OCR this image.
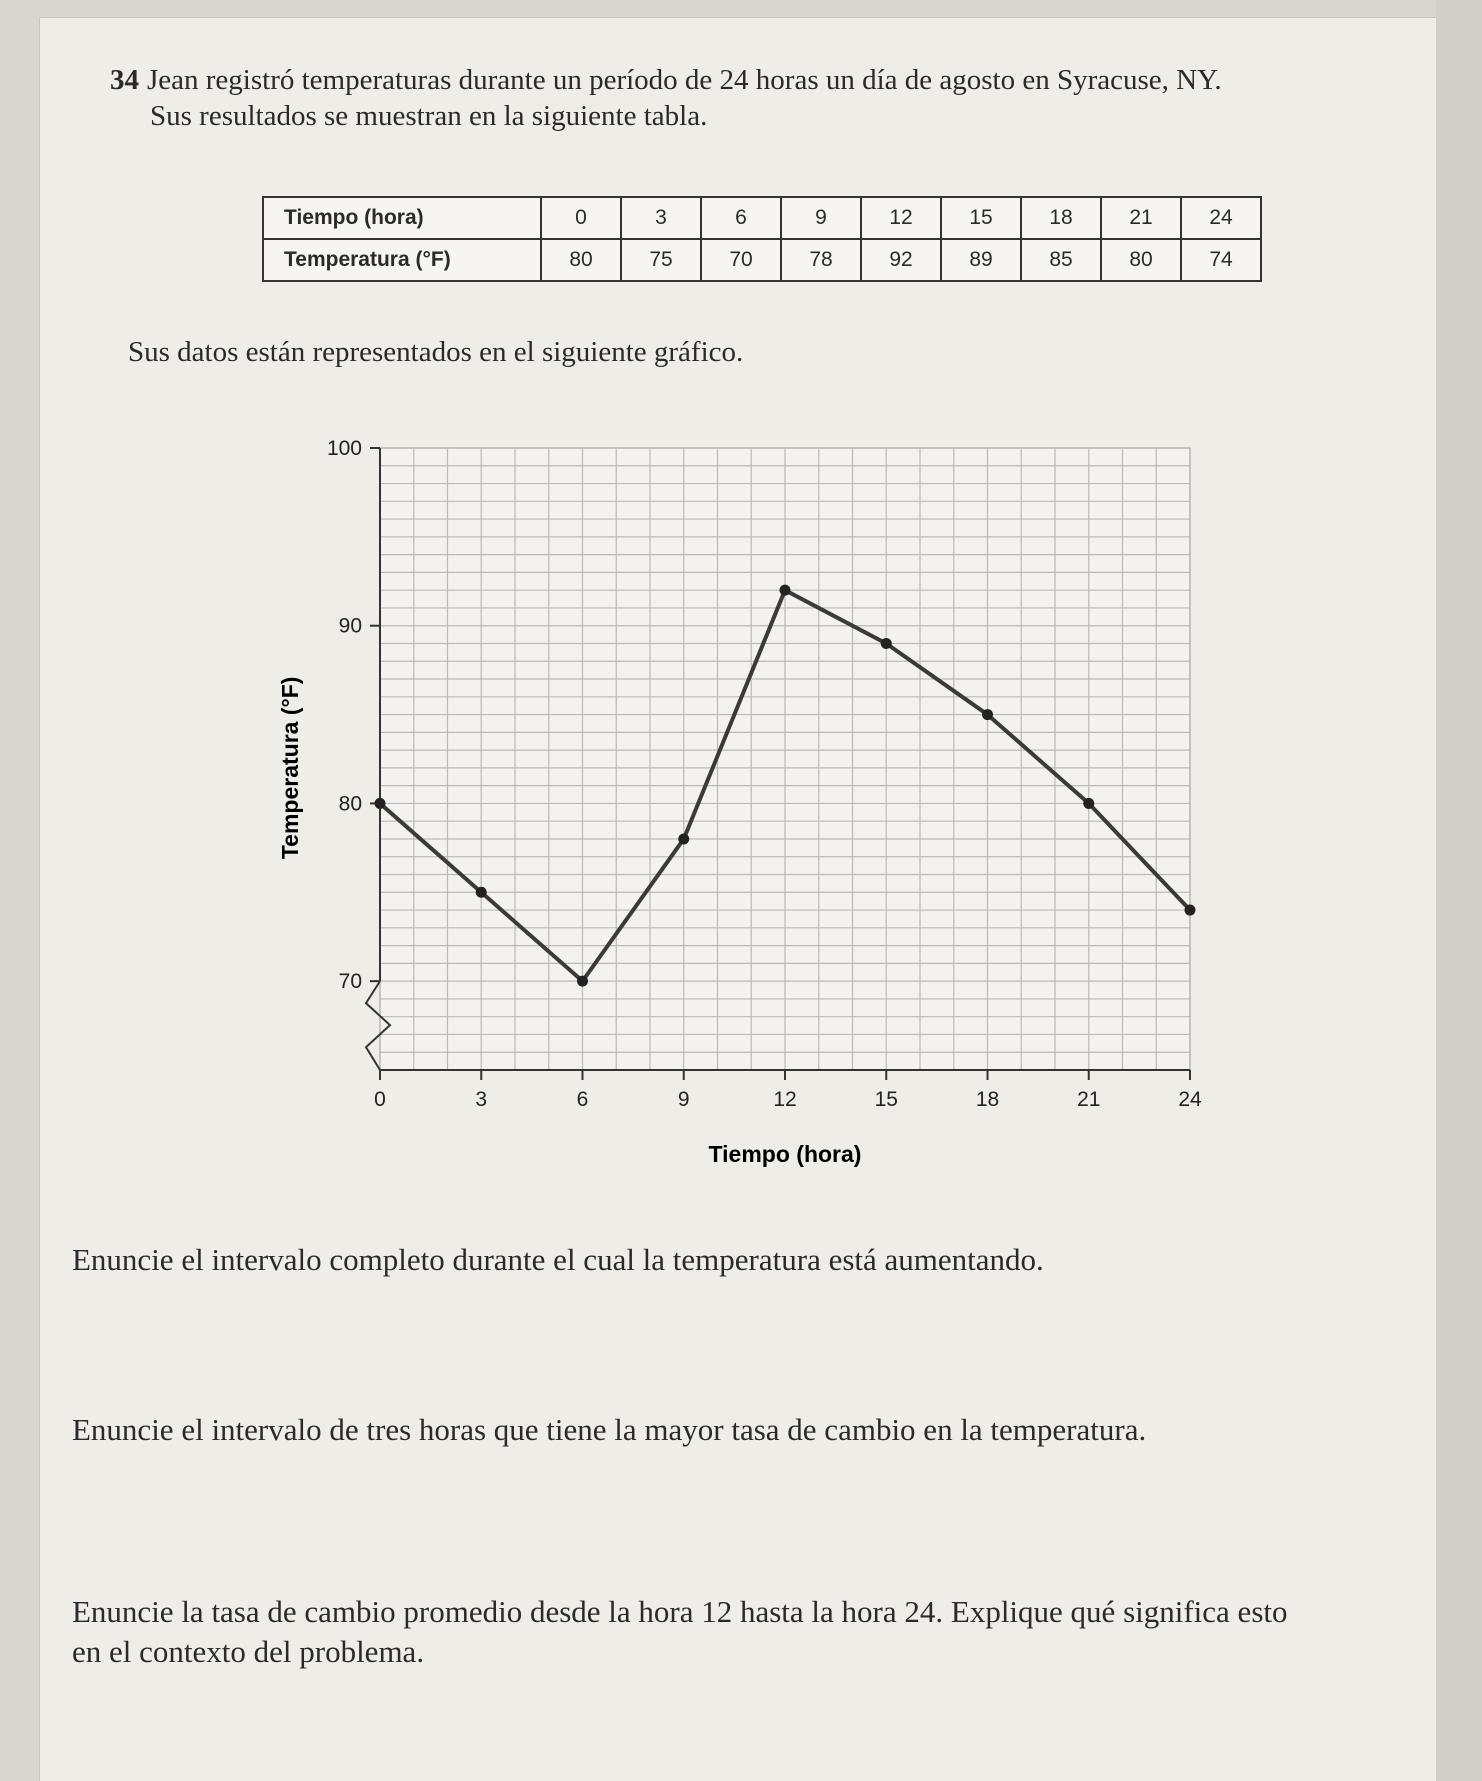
34 Jean registró temperaturas durante un período de 24 horas un día de agosto en Syracuse, NY.

Sus resultados se muestran en la siguiente tabla.

Tiempo (hora)	0	3	6	9	12	15	18	21	24
Temperatura (°F)	80	75	70	78	92	89	85	80	74

Sus datos están representados en el siguiente gráfico.

70
80
90
100
0	3	6	9	12	15	18	21	24
Tiempo (hora)
Temperatura (°F)

Enuncie el intervalo completo durante el cual la temperatura está aumentando.

Enuncie el intervalo de tres horas que tiene la mayor tasa de cambio en la temperatura.

Enuncie la tasa de cambio promedio desde la hora 12 hasta la hora 24. Explique qué significa esto

en el contexto del problema.
